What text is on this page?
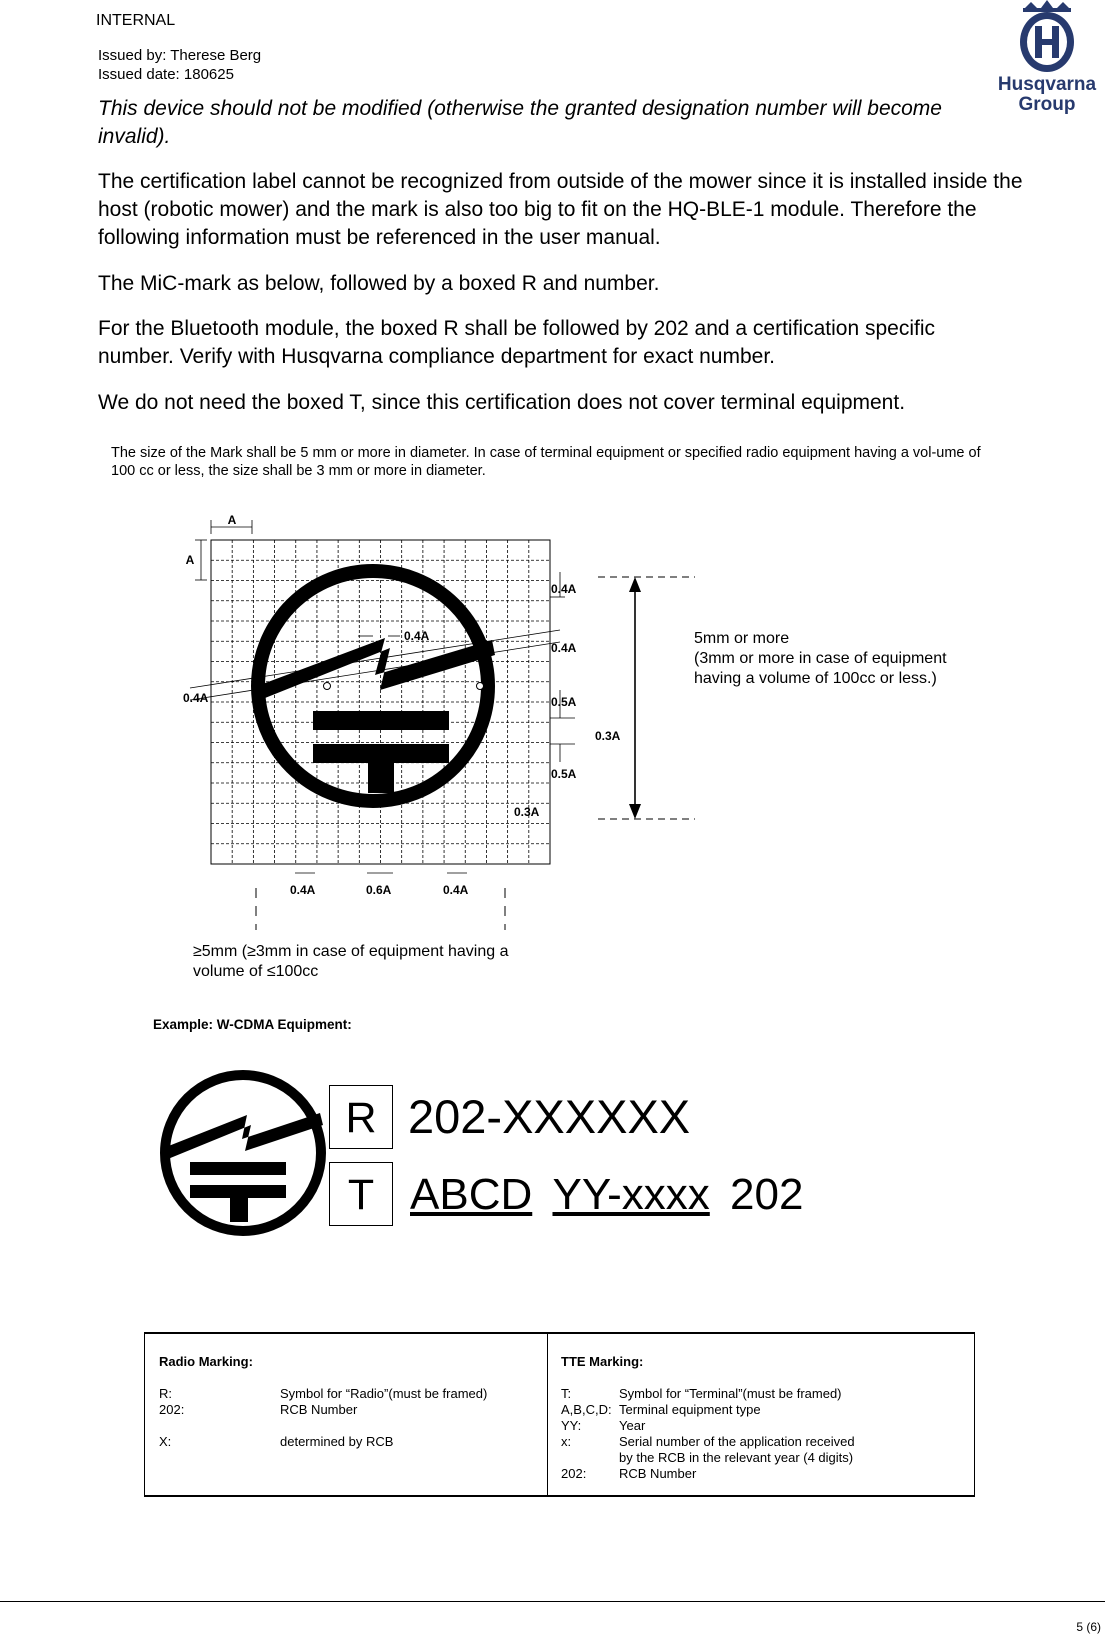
INTERNAL
Issued by: Therese Berg
Issued date: 180625	Husqvarna
Group
This device should not be modified (otherwise the granted designation number will become invalid).
The certification label cannot be recognized from outside of the mower since it is installed inside the host (robotic mower) and the mark is also too big to fit on the HQ-BLE-1 module. Therefore the following information must be referenced in the user manual.
The MiC-mark as below, followed by a boxed R and number.
For the Bluetooth module, the boxed R shall be followed by 202 and a certification specific number. Verify with Husqvarna compliance department for exact number.
We do not need the boxed T, since this certification does not cover terminal equipment.
The size of the Mark shall be 5 mm or more in diameter. In case of terminal equipment or specified radio equipment having a vol-ume of 100 cc or less, the size shall be 3 mm or more in diameter.
A
A
0.4A
0.4A
0.4A
0.4A	0.5A
0.3A
0.5A
0.3A
0.4A	0.6A	0.4A
5mm or more
(3mm or more in case of equipment
having a volume of 100cc or less.)
≥5mm (≥3mm in case of equipment having a
volume of ≤100cc
Example: W-CDMA Equipment:
R 202-XXXXXX
T ABCD YY-xxxx 202
Radio Marking:
R:	Symbol for “Radio”(must be framed)
202:	RCB Number
X:	determined by RCB
TTE Marking:
T:	Symbol for “Terminal”(must be framed)
A,B,C,D: Terminal equipment type
YY:	Year
x:	Serial number of the application received
by the RCB in the relevant year (4 digits)
202:	RCB Number
5 (6)
